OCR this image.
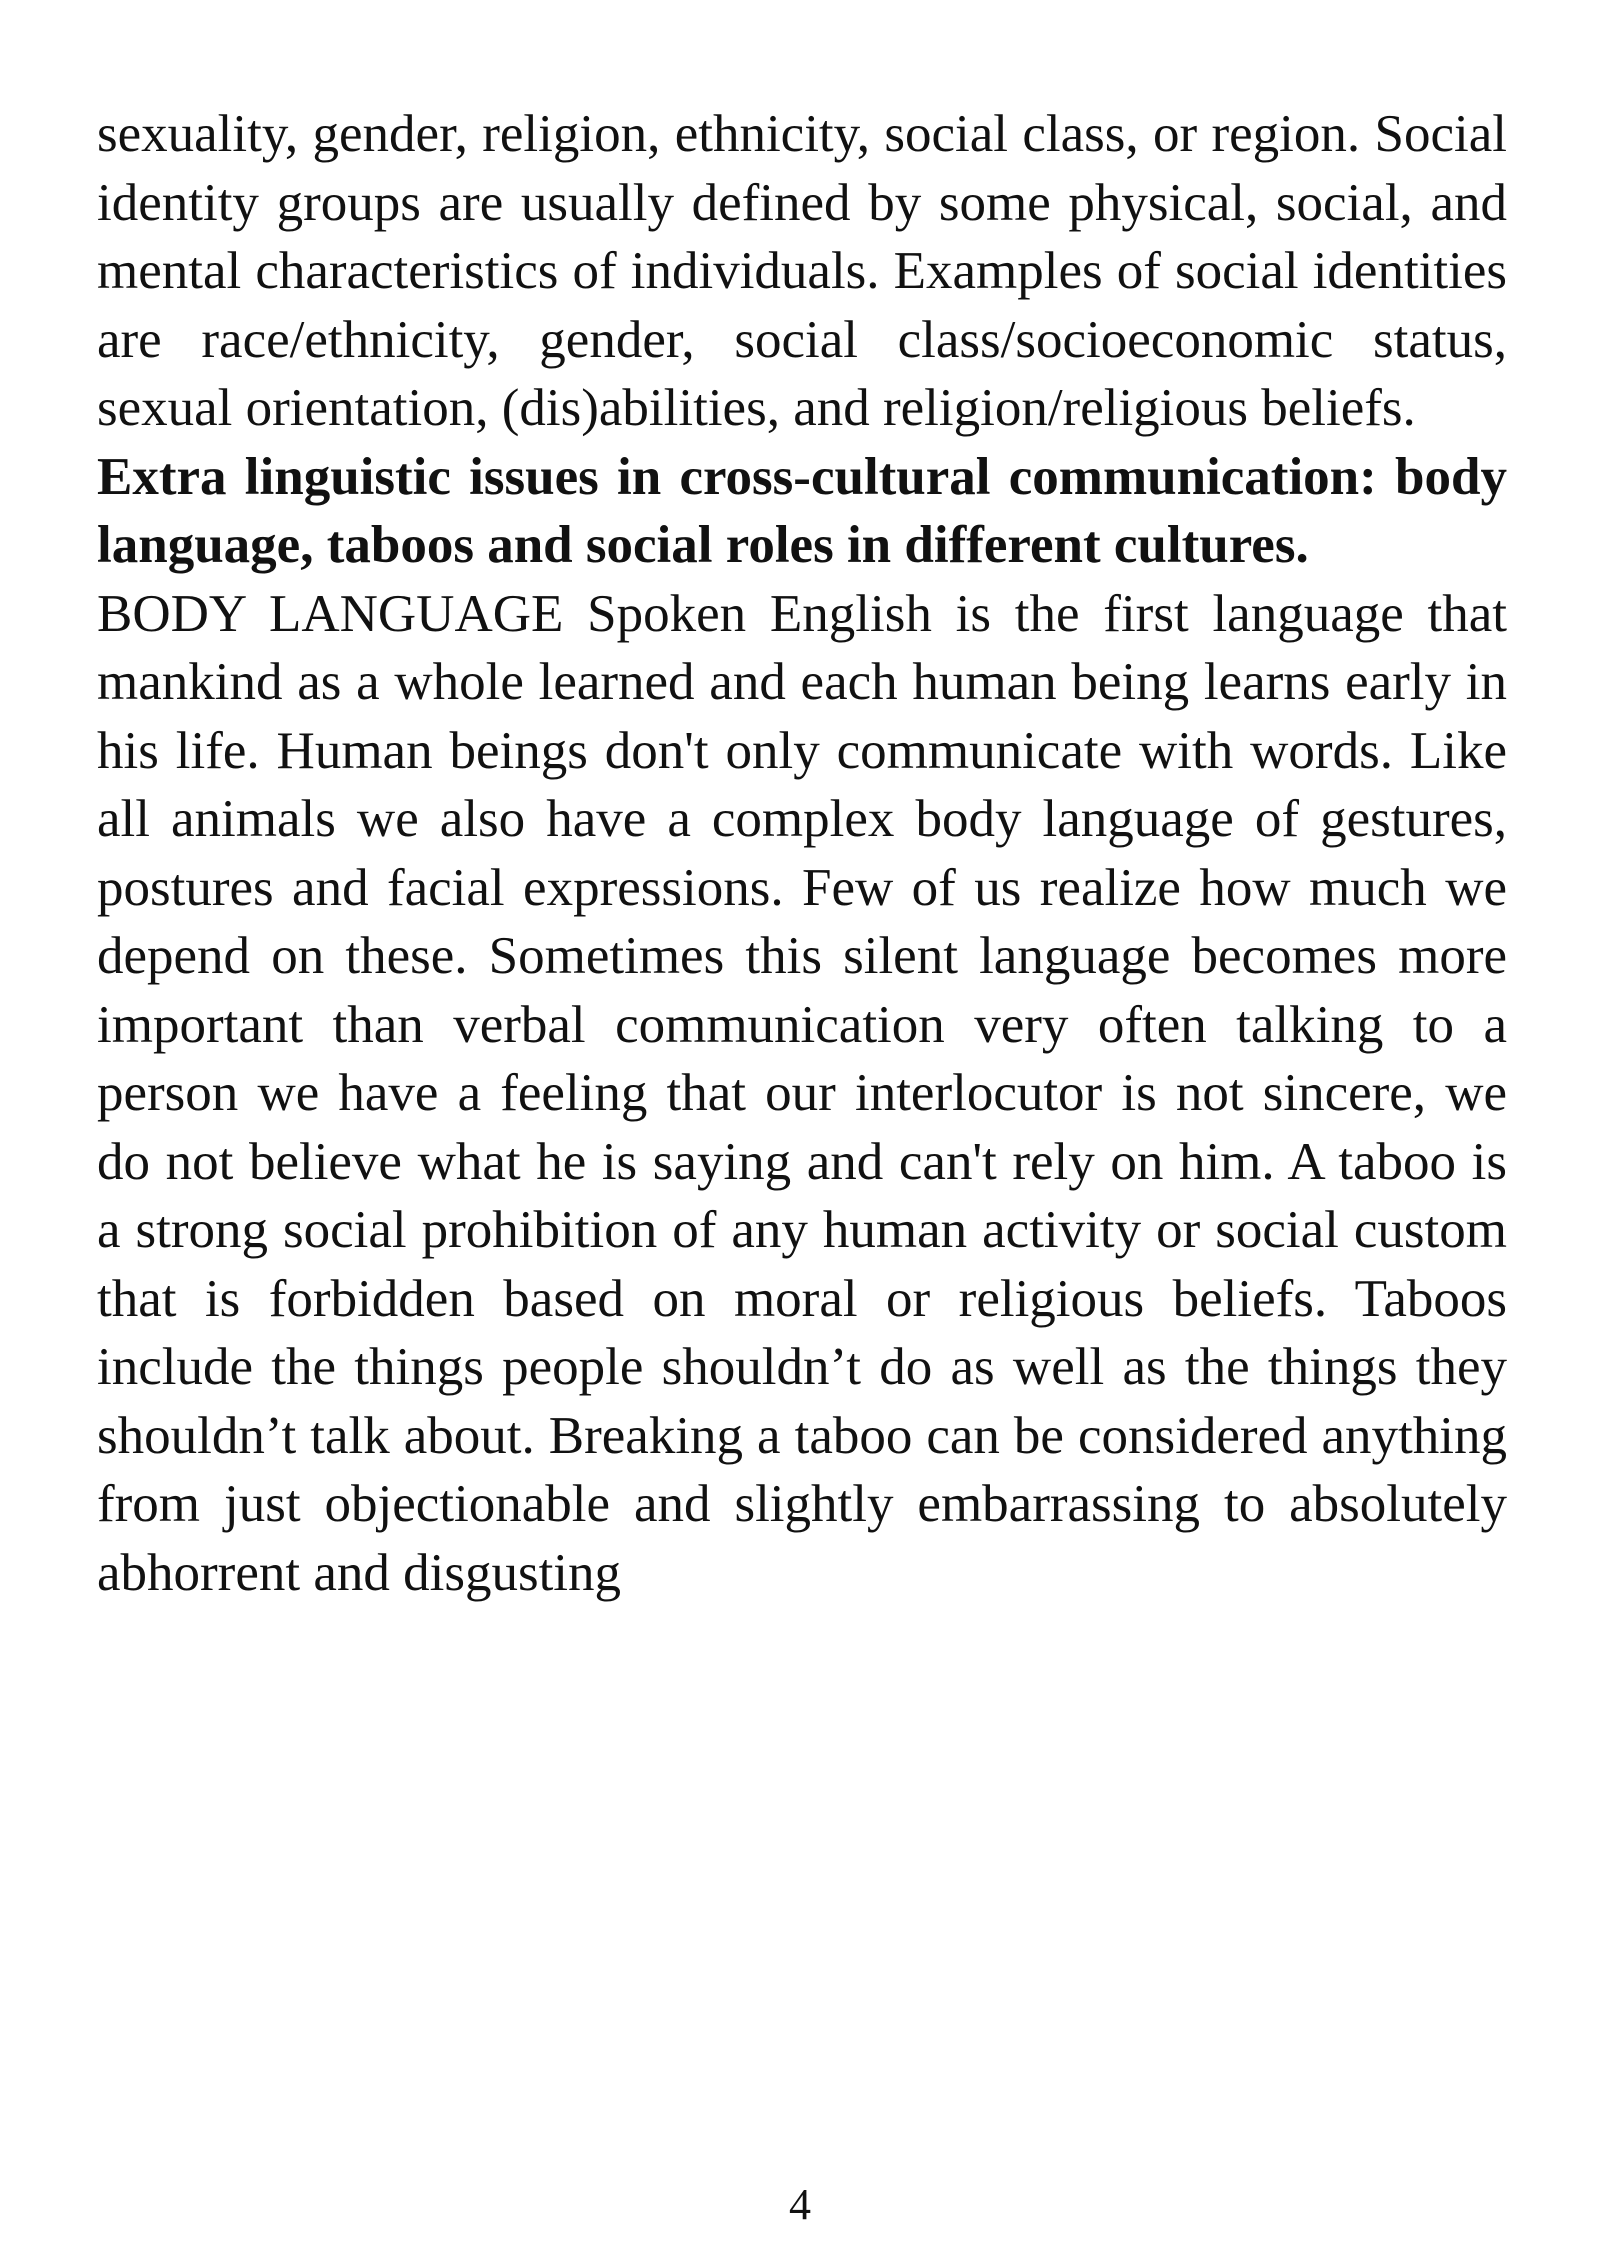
sexuality, gender, religion, ethnicity, social class, or region. Social identity groups are usually defined by some physical, social, and mental characteristics of individuals. Examples of social identities are race/ethnicity, gender, social class/socioeconomic status, sexual orientation, (dis)abilities, and religion/religious beliefs.

Extra linguistic issues in cross-cultural communication: body language, taboos and social roles in different cultures.

BODY LANGUAGE Spoken English is the first language that mankind as a whole learned and each human being learns early in his life. Human beings don't only communicate with words. Like all animals we also have a complex body language of gestures, postures and facial expressions. Few of us realize how much we depend on these. Sometimes this silent language becomes more important than verbal communication very often talking to a person we have a feeling that our interlocutor is not sincere, we do not believe what he is saying and can't rely on him. A taboo is a strong social prohibition of any human activity or social custom that is forbidden based on moral or religious beliefs. Taboos include the things people shouldn’t do as well as the things they shouldn’t talk about. Breaking a taboo can be considered anything from just objectionable and slightly embarrassing to absolutely abhorrent and disgusting

4
